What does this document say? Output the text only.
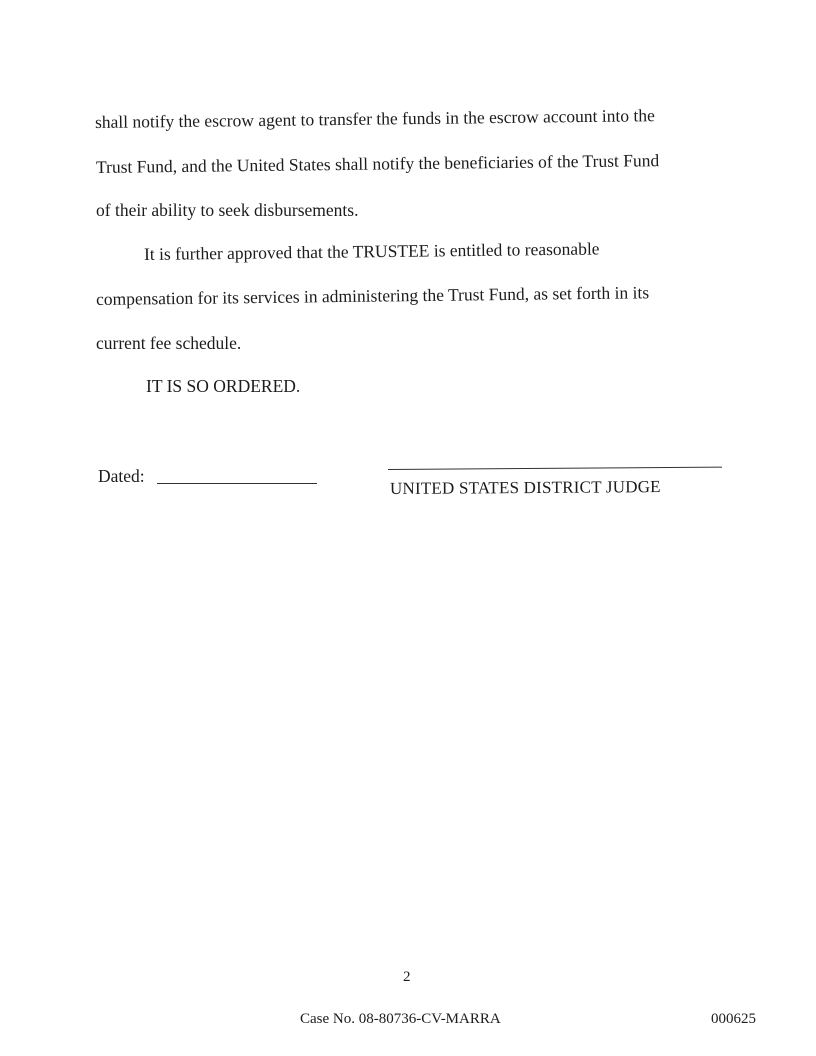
shall notify the escrow agent to transfer the funds in the escrow account into the
Trust Fund, and the United States shall notify the beneficiaries of the Trust Fund
of their ability to seek disbursements.
It is further approved that the TRUSTEE is entitled to reasonable
compensation for its services in administering the Trust Fund, as set forth in its
current fee schedule.
IT IS SO ORDERED.
Dated:
UNITED STATES DISTRICT JUDGE
2
Case No. 08-80736-CV-MARRA	000625
